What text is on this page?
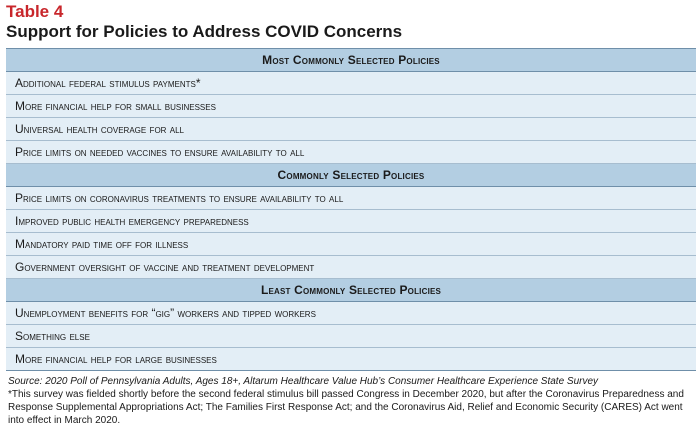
Table 4
Support for Policies to Address COVID Concerns
Most Commonly Selected Policies

Additional federal stimulus payments*

More financial help for small businesses

Universal health coverage for all

Price limits on needed vaccines to ensure availability to all

Commonly Selected Policies

Price limits on coronavirus treatments to ensure availability to all

Improved public health emergency preparedness

Mandatory paid time off for illness

Government oversight of vaccine and treatment development

Least Commonly Selected Policies

Unemployment benefits for “gig” workers and tipped workers

Something else

More financial help for large businesses
Source: 2020 Poll of Pennsylvania Adults, Ages 18+, Altarum Healthcare Value Hub’s Consumer Healthcare Experience State Survey
*This survey was fielded shortly before the second federal stimulus bill passed Congress in December 2020, but after the Coronavirus Preparedness and Response Supplemental Appropriations Act; The Families First Response Act; and the Coronavirus Aid, Relief and Economic Security (CARES) Act went into effect in March 2020.
